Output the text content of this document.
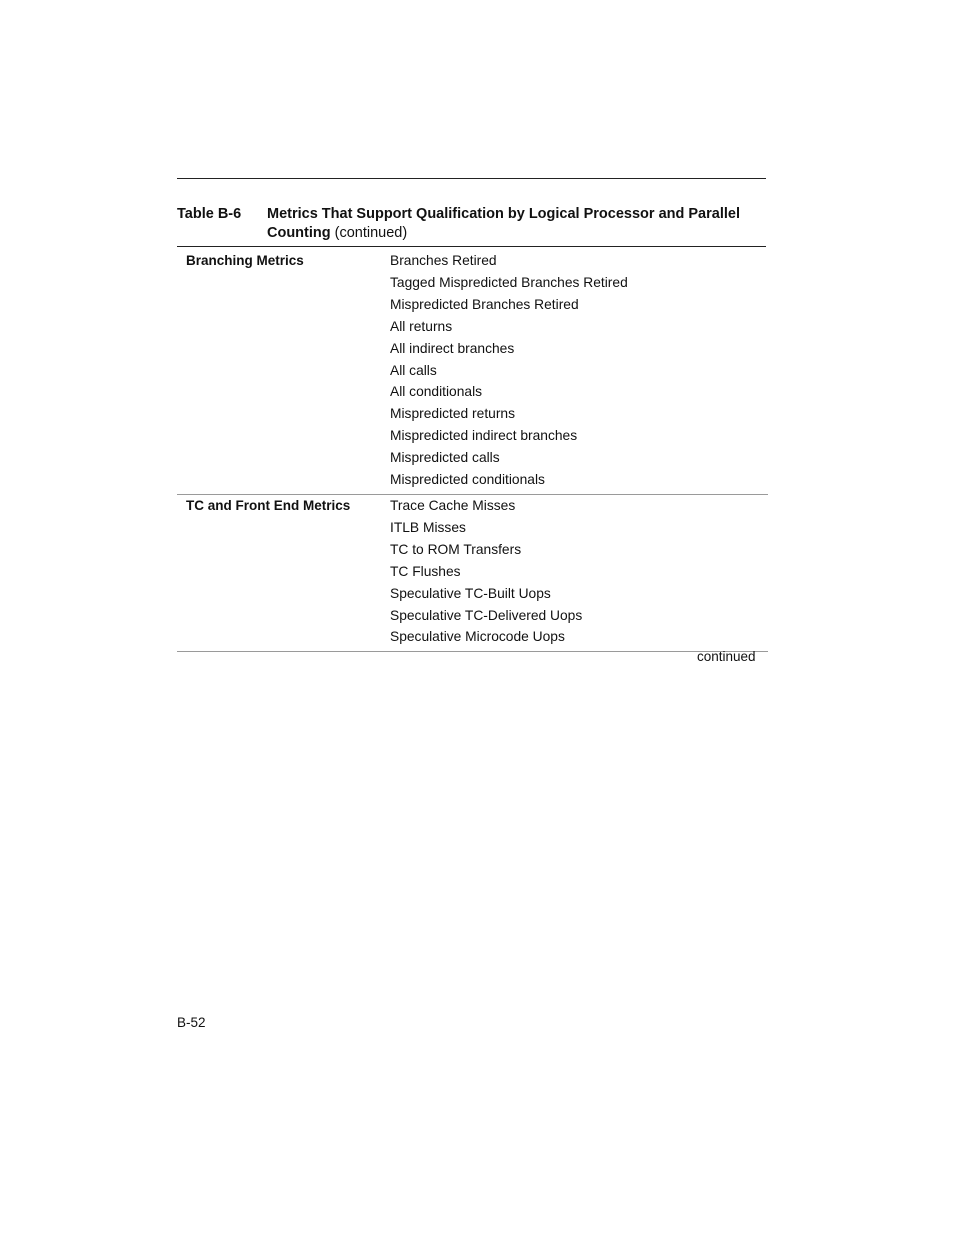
Table B-6 Metrics That Support Qualification by Logical Processor and Parallel Counting (continued)
Branching Metrics	Branches Retired
Tagged Mispredicted Branches Retired
Mispredicted Branches Retired
All returns
All indirect branches
All calls
All conditionals
Mispredicted returns
Mispredicted indirect branches
Mispredicted calls
Mispredicted conditionals
TC and Front End Metrics	Trace Cache Misses
ITLB Misses
TC to ROM Transfers
TC Flushes
Speculative TC-Built Uops
Speculative TC-Delivered Uops
Speculative Microcode Uops
continued
B-52
